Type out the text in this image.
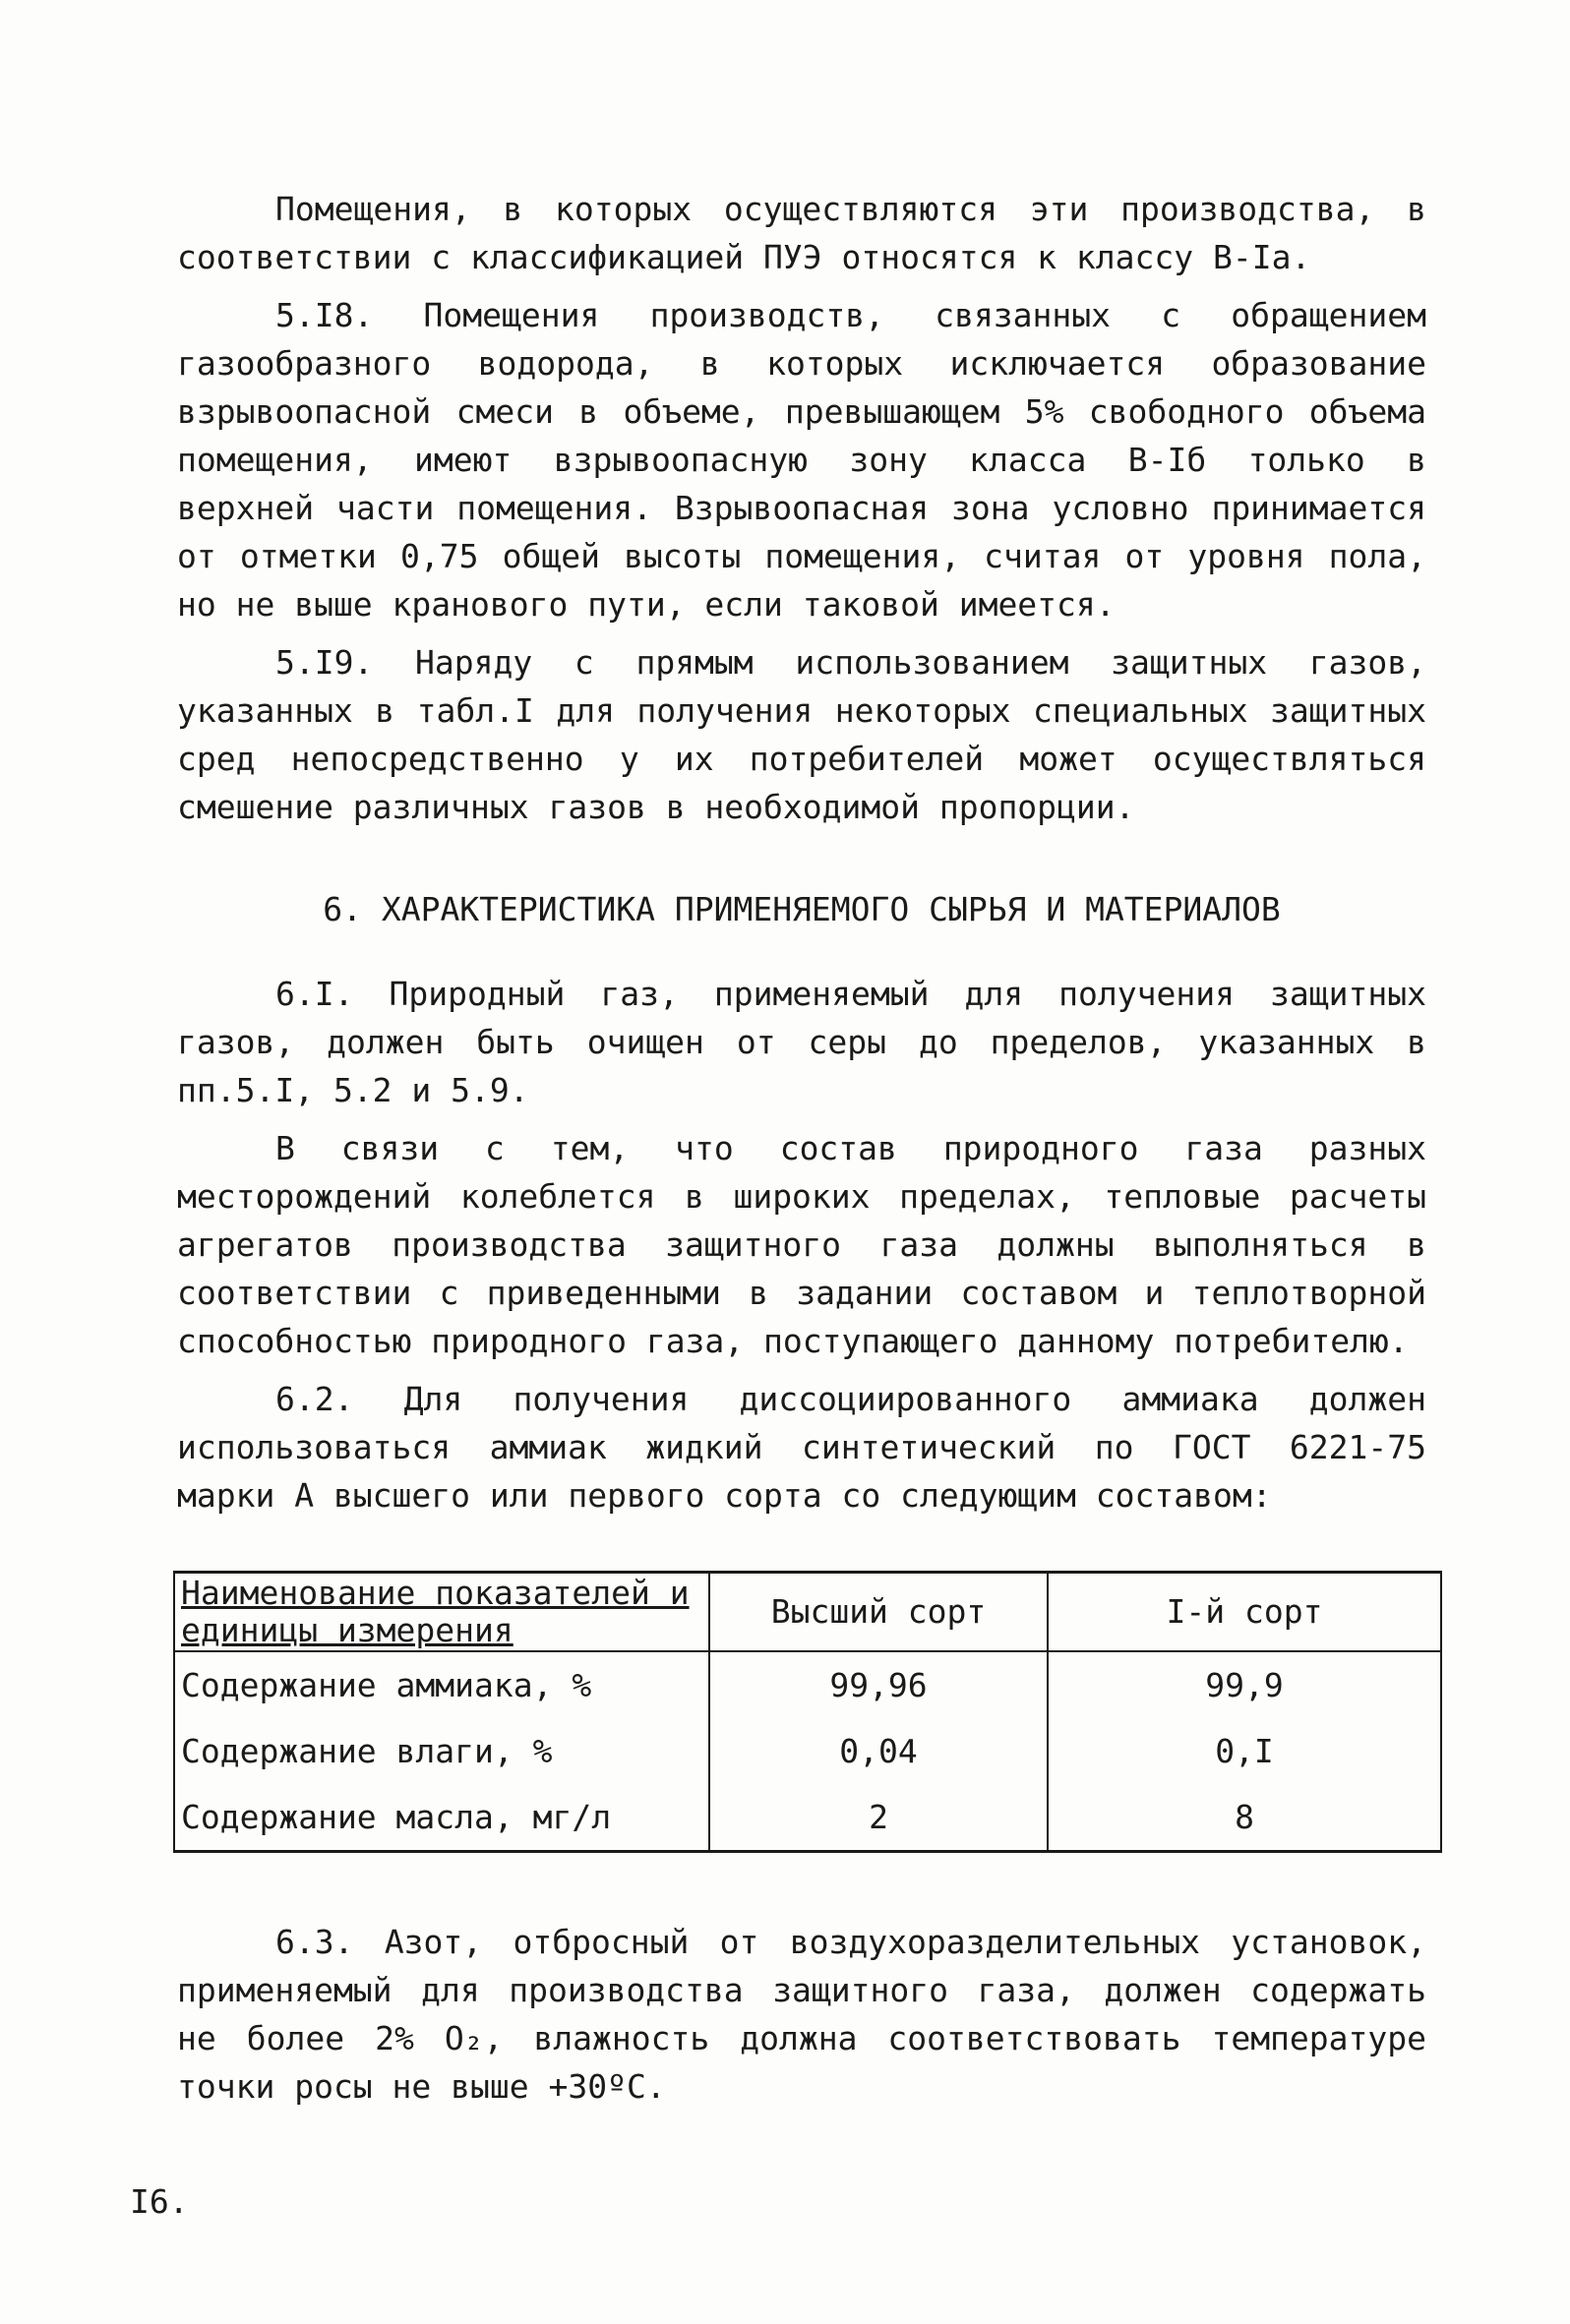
Помещения, в которых осуществляются эти производства, в соответствии с классификацией ПУЭ относятся к классу В-Iа.

5.I8. Помещения производств, связанных с обращением газообразного водорода, в которых исключается образование взрывоопасной смеси в объеме, превышающем 5% свободного объема помещения, имеют взрывоопасную зону класса В-Iб только в верхней части помещения. Взрывоопасная зона условно принимается от отметки 0,75 общей высоты помещения, считая от уровня пола, но не выше кранового пути, если таковой имеется.

5.I9. Наряду с прямым использованием защитных газов, указанных в табл.I для получения некоторых специальных защитных сред непосредственно у их потребителей может осуществляться смешение различных газов в необходимой пропорции.

6. ХАРАКТЕРИСТИКА ПРИМЕНЯЕМОГО СЫРЬЯ И МАТЕРИАЛОВ

6.I. Природный газ, применяемый для получения защитных газов, должен быть очищен от серы до пределов, указанных в пп.5.I, 5.2 и 5.9.

В связи с тем, что состав природного газа разных месторождений колеблется в широких пределах, тепловые расчеты агрегатов производства защитного газа должны выполняться в соответствии с приведенными в задании составом и теплотворной способностью природного газа, поступающего данному потребителю.

6.2. Для получения диссоциированного аммиака должен использоваться аммиак жидкий синтетический по ГОСТ 6221-75 марки А высшего или первого сорта со следующим составом:

Наименование показателей и единицы измерения	Высший сорт	I-й сорт
Содержание аммиака, %	99,96	99,9
Содержание влаги, %	0,04	0,I
Содержание масла, мг/л	2	8

6.3. Азот, отбросный от воздухоразделительных установок, применяемый для производства защитного газа, должен содержать не более 2% O₂, влажность должна соответствовать температуре точки росы не выше +30ºС.

I6.
